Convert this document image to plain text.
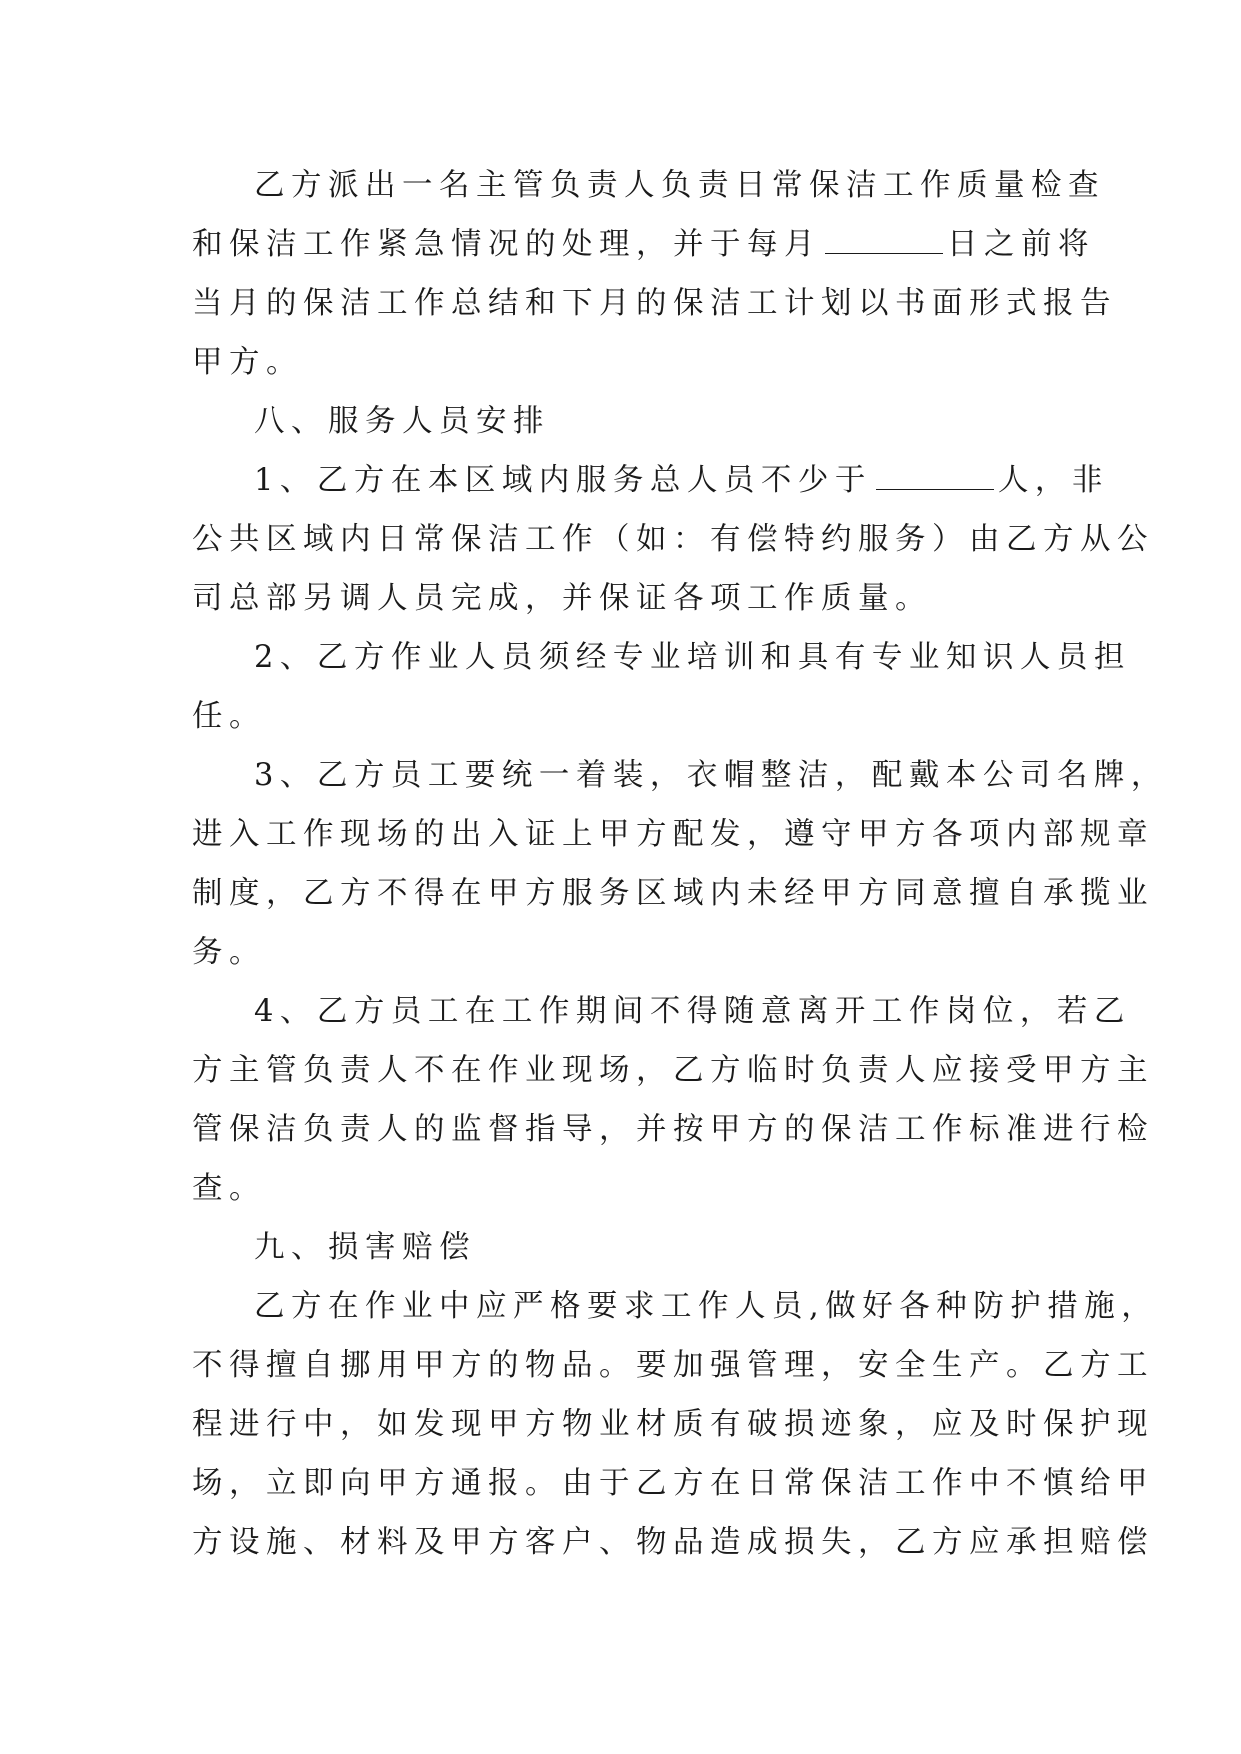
乙方派出一名主管负责人负责日常保洁工作质量检查
和保洁工作紧急情况的处理，并于每月	日之前将
当月的保洁工作总结和下月的保洁工计划以书面形式报告
甲方。
八、服务人员安排
1、乙方在本区域内服务总人员不少于	人，非
公共区域内日常保洁工作（如：有偿特约服务）由乙方从公
司总部另调人员完成，并保证各项工作质量。
2、乙方作业人员须经专业培训和具有专业知识人员担
任。
3、乙方员工要统一着装，衣帽整洁，配戴本公司名牌，
进入工作现场的出入证上甲方配发，遵守甲方各项内部规章
制度，乙方不得在甲方服务区域内未经甲方同意擅自承揽业
务。
4、乙方员工在工作期间不得随意离开工作岗位，若乙
方主管负责人不在作业现场，乙方临时负责人应接受甲方主
管保洁负责人的监督指导，并按甲方的保洁工作标准进行检
查。
九、损害赔偿
乙方在作业中应严格要求工作人员,做好各种防护措施，
不得擅自挪用甲方的物品。要加强管理，安全生产。乙方工
程进行中，如发现甲方物业材质有破损迹象，应及时保护现
场，立即向甲方通报。由于乙方在日常保洁工作中不慎给甲
方设施、材料及甲方客户、物品造成损失，乙方应承担赔偿
